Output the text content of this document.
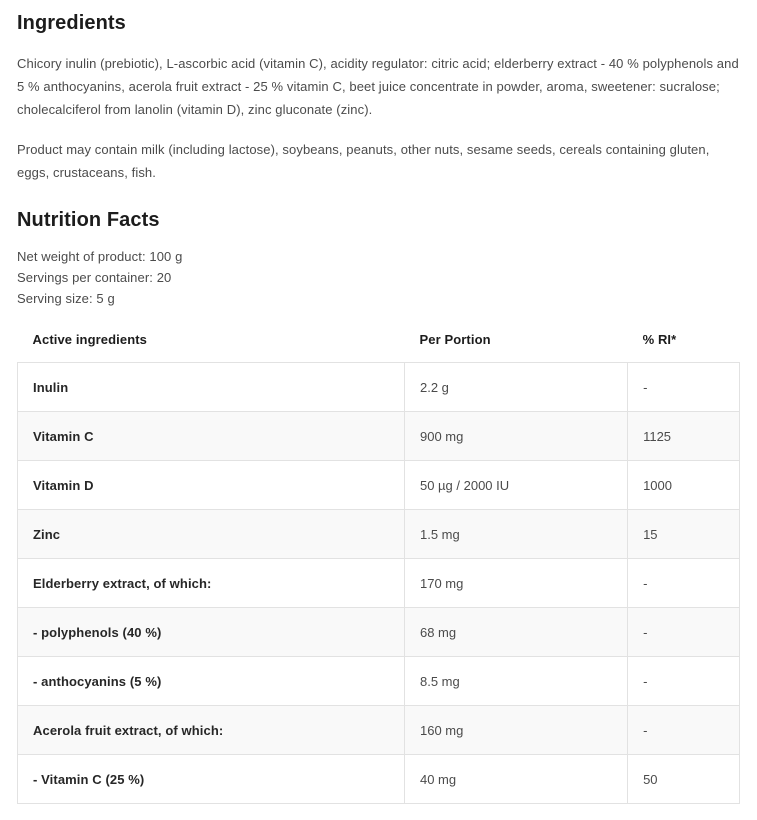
Ingredients

Chicory inulin (prebiotic), L-ascorbic acid (vitamin C), acidity regulator: citric acid; elderberry extract - 40 % polyphenols and 5 % anthocyanins, acerola fruit extract - 25 % vitamin C, beet juice concentrate in powder, aroma, sweetener: sucralose; cholecalciferol from lanolin (vitamin D), zinc gluconate (zinc).

Product may contain milk (including lactose), soybeans, peanuts, other nuts, sesame seeds, cereals containing gluten, eggs, crustaceans, fish.

Nutrition Facts
Net weight of product: 100 g
Servings per container: 20
Serving size: 5 g
Active ingredients	Per Portion	% RI*
Inulin	2.2 g	-
Vitamin C	900 mg	1125
Vitamin D	50 µg / 2000 IU	1000
Zinc	1.5 mg	15
Elderberry extract, of which:	170 mg	-
- polyphenols (40 %)	68 mg	-
- anthocyanins (5 %)	8.5 mg	-
Acerola fruit extract, of which:	160 mg	-
- Vitamin C (25 %)	40 mg	50
